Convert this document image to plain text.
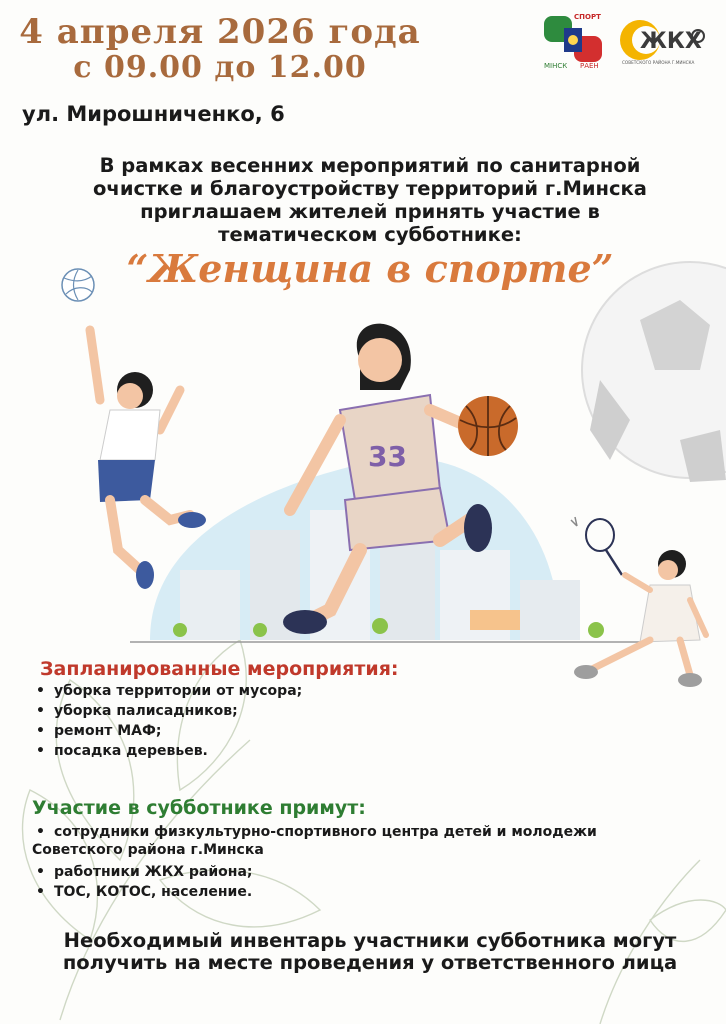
4 апреля 2026 года
с 09.00 до 12.00
СПОРТ
МІНСК РАЁН
ЖКХ
СОВЕТСКОГО РАЙОНА Г.МИНСКА
ул. Мирошниченко, 6
В рамках весенних мероприятий по санитарной
очистке и благоустройству территорий г.Минска
приглашаем жителей принять участие в
тематическом субботнике:
33
“Женщина в спорте”
Запланированные мероприятия:
• уборка территории от мусора;
• уборка палисадников;
• ремонт МАФ;
• посадка деревьев.
Участие в субботнике примут:
• сотрудники физкультурно-спортивного центра детей и молодежи
Советского района г.Минска
• работники ЖКХ района;
• ТОС, КОТОС, население.
Необходимый инвентарь участники субботника могут
получить на месте проведения у ответственного лица
